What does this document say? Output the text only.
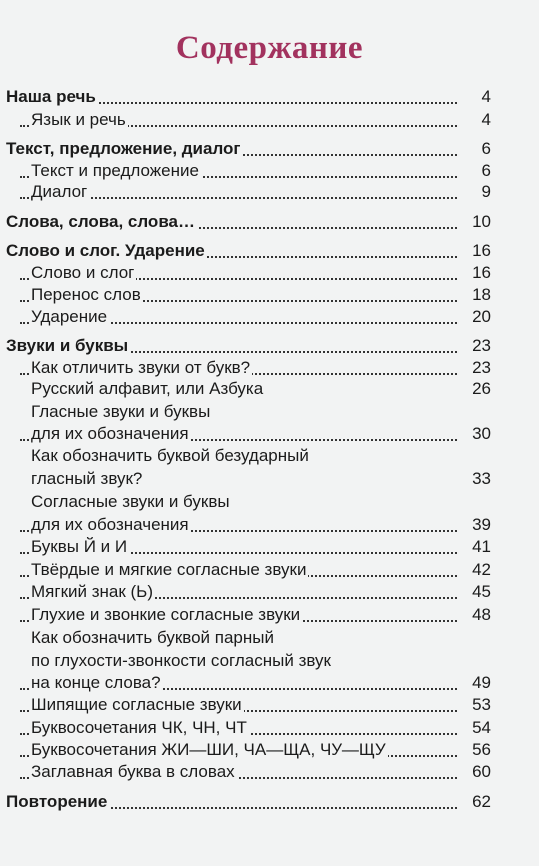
Содержание
Наша речь	4
Язык и речь	4
Текст, предложение, диалог	6
Текст и предложение	6
Диалог	9
Слова, слова, слова…	10
Слово и слог. Ударение	16
Слово и слог	16
Перенос слов	18
Ударение	20
Звуки и буквы	23
Как отличить звуки от букв?	23
Русский алфавит, или Азбука	26
Гласные звуки и буквы
для их обозначения	30
Как обозначить буквой безударный
гласный звук?	33
Согласные звуки и буквы
для их обозначения	39
Буквы Й и И	41
Твёрдые и мягкие согласные звуки	42
Мягкий знак (Ь)	45
Глухие и звонкие согласные звуки	48
Как обозначить буквой парный
по глухости-звонкости согласный звук
на конце слова?	49
Шипящие согласные звуки	53
Буквосочетания ЧК, ЧН, ЧТ	54
Буквосочетания ЖИ—ШИ, ЧА—ЩА, ЧУ—ЩУ	56
Заглавная буква в словах	60
Повторение	62
